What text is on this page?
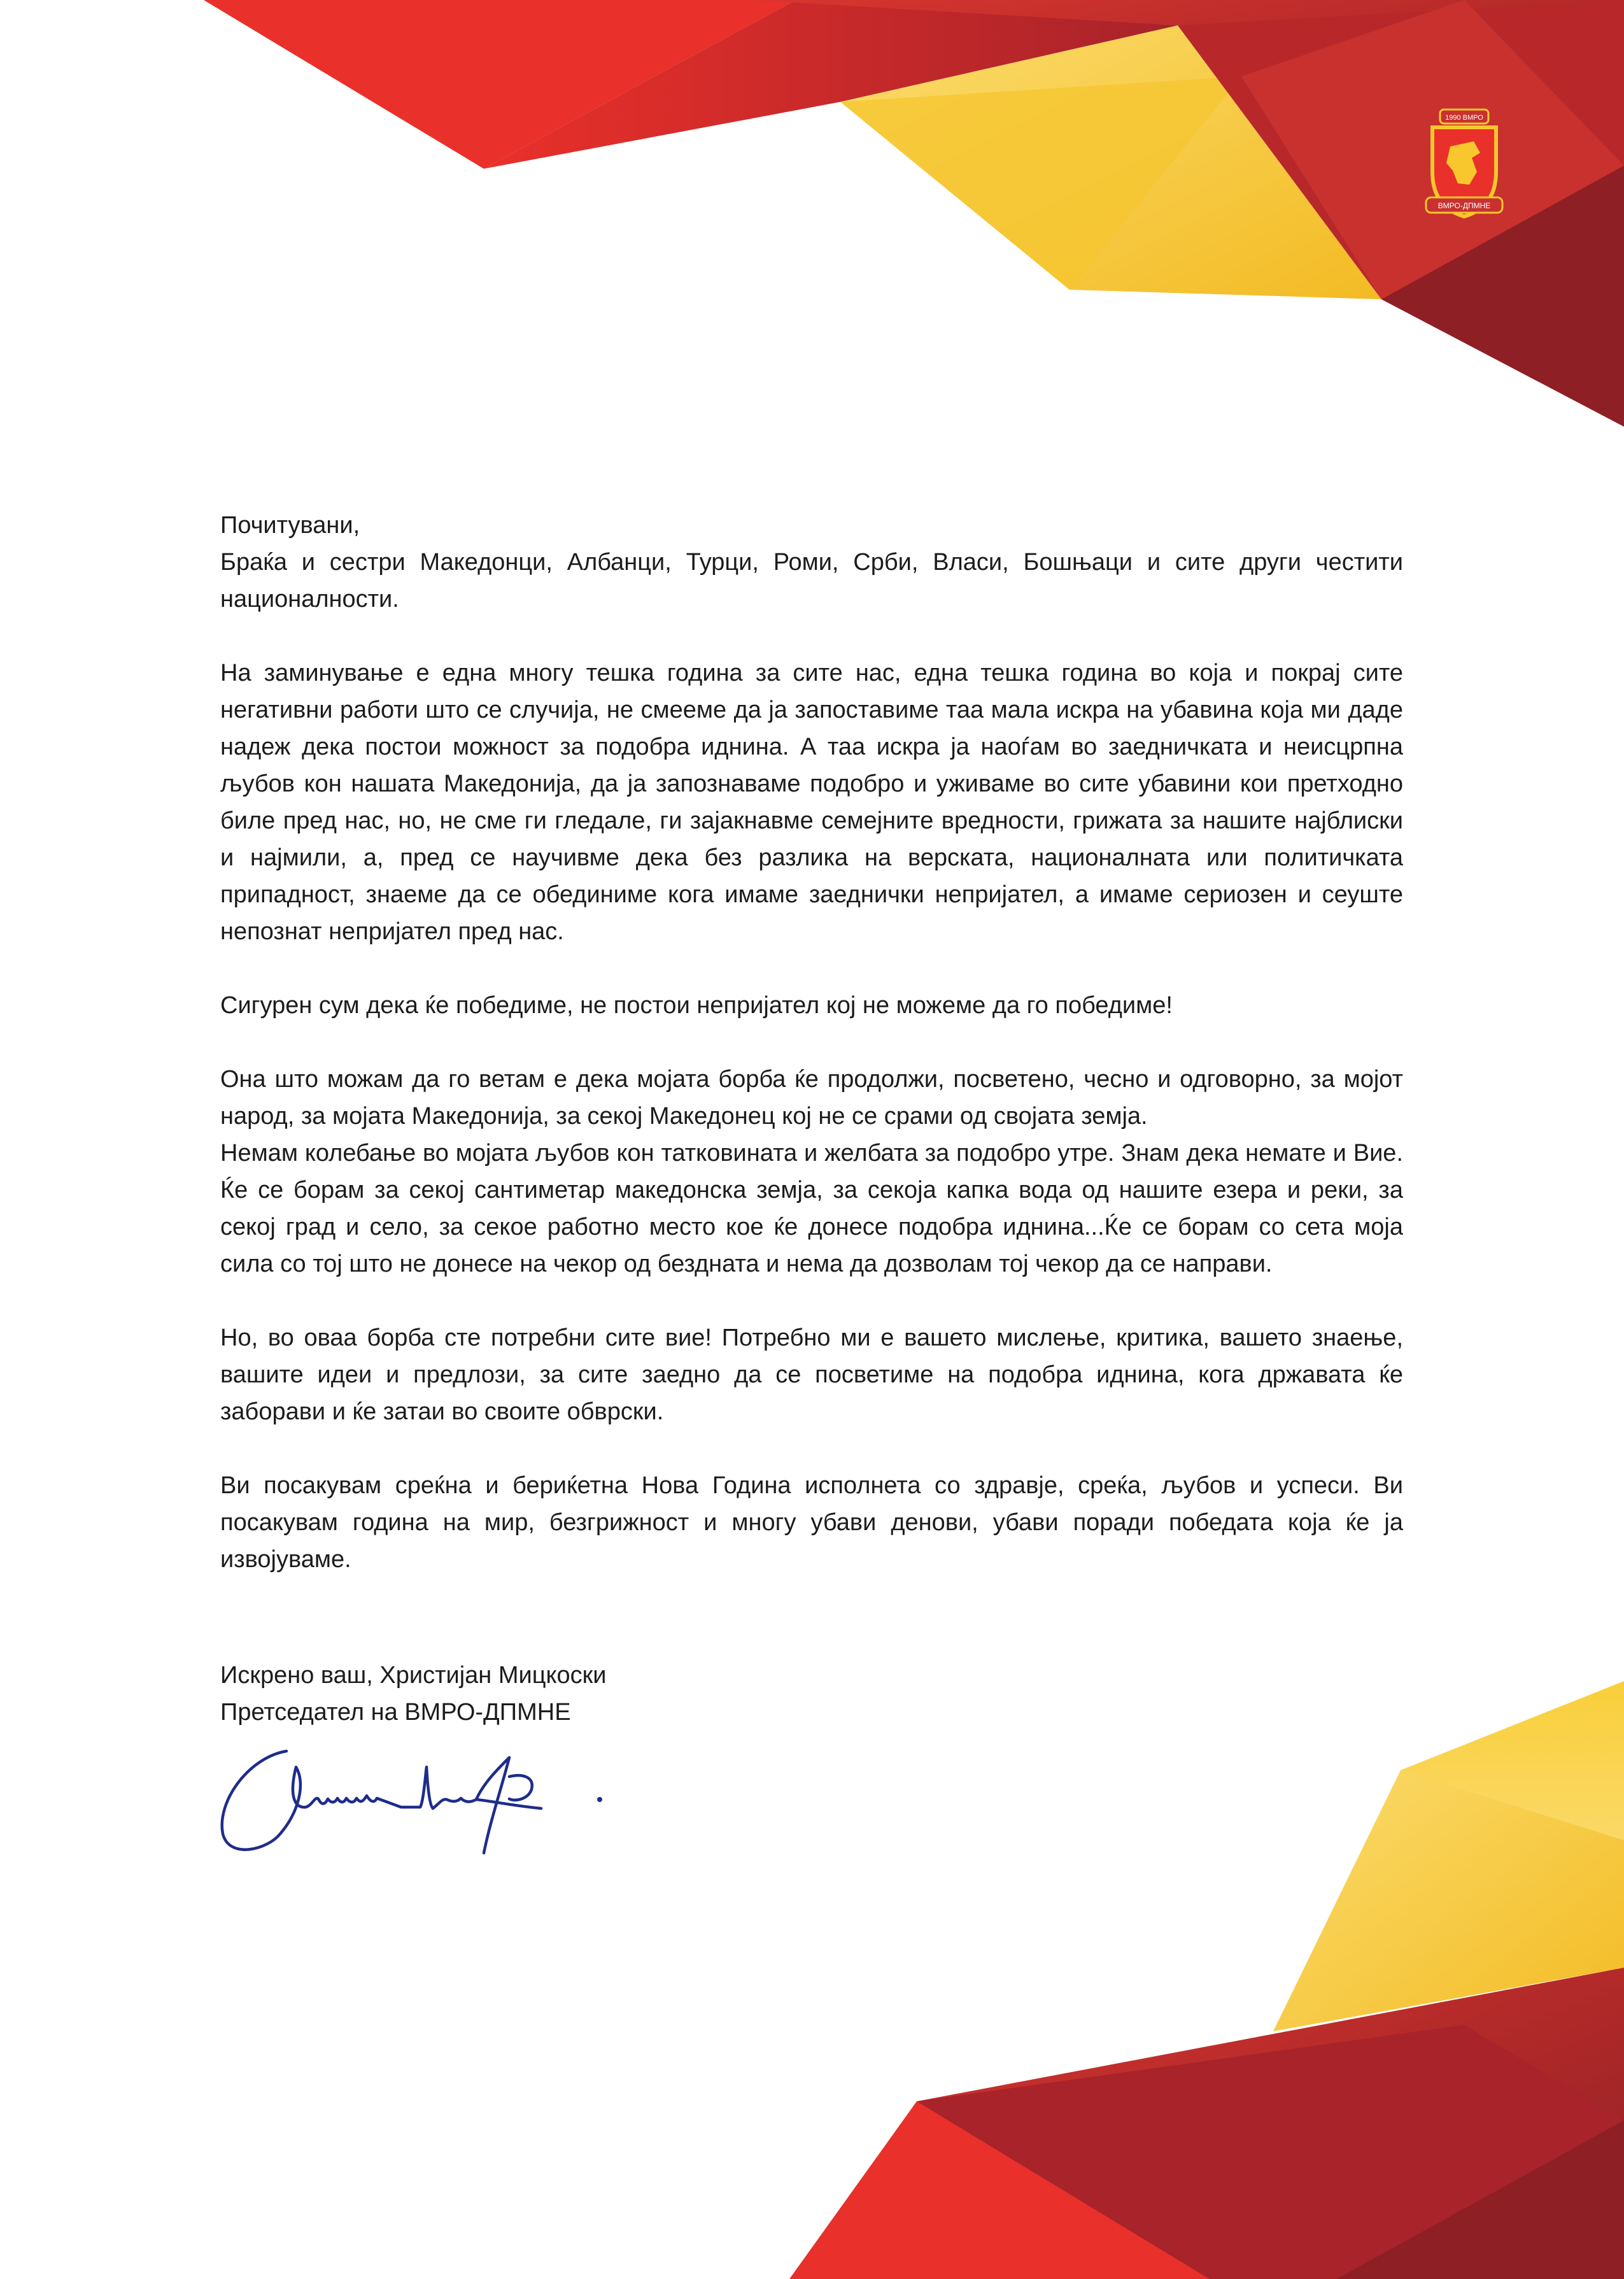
1990 ВМРО
ВМРО-ДПМНЕ

Почитувани,

Браќа и сестри Македонци, Албанци, Турци, Роми, Срби, Власи, Бошњаци и сите други честити националности.

На заминување е една многу тешка година за сите нас, една тешка година во која и покрај сите негативни работи што се случија, не смееме да ја запоставиме таа мала искра на убавина која ми даде надеж дека постои можност за подобра иднина. А таа искра ја наоѓам во заедничката и неисцрпна љубов кон нашата Македонија, да ја запознаваме подобро и уживаме во сите убавини кои претходно биле пред нас, но, не сме ги гледале, ги зајакнавме семејните вредности, грижата за нашите најблиски и најмили, а, пред се научивме дека без разлика на верската, националната или политичката припадност, знаеме да се обединиме кога имаме заеднички непријател, а имаме сериозен и сеуште непознат непријател пред нас.

Сигурен сум дека ќе победиме, не постои непријател кој не можеме да го победиме!

Она што можам да го ветам е дека мојата борба ќе продолжи, посветено, чесно и одговорно, за мојот народ, за мојата Македонија, за секој Македонец кој не се срами од својата земја.

Немам колебање во мојата љубов кон татковината и желбата за подобро утре. Знам дека немате и Вие. Ќе се борам за секој сантиметар македонска земја, за секоја капка вода од нашите езера и реки, за секој град и село, за секое работно место кое ќе донесе подобра иднина...Ќе се борам со сета моја сила со тој што не донесе на чекор од бездната и нема да дозволам тој чекор да се направи.

Но, во оваа борба сте потребни сите вие! Потребно ми е вашето мислење, критика, вашето знаење, вашите идеи и предлози, за сите заедно да се посветиме на подобра иднина, кога државата ќе заборави и ќе затаи во своите обврски.

Ви посакувам среќна и бериќетна Нова Година исполнета со здравје, среќа, љубов и успеси. Ви посакувам година на мир, безгрижност и многу убави денови, убави поради победата која ќе ја извојуваме.

Искрено ваш, Христијан Мицкоски

Претседател на ВМРО-ДПМНЕ
